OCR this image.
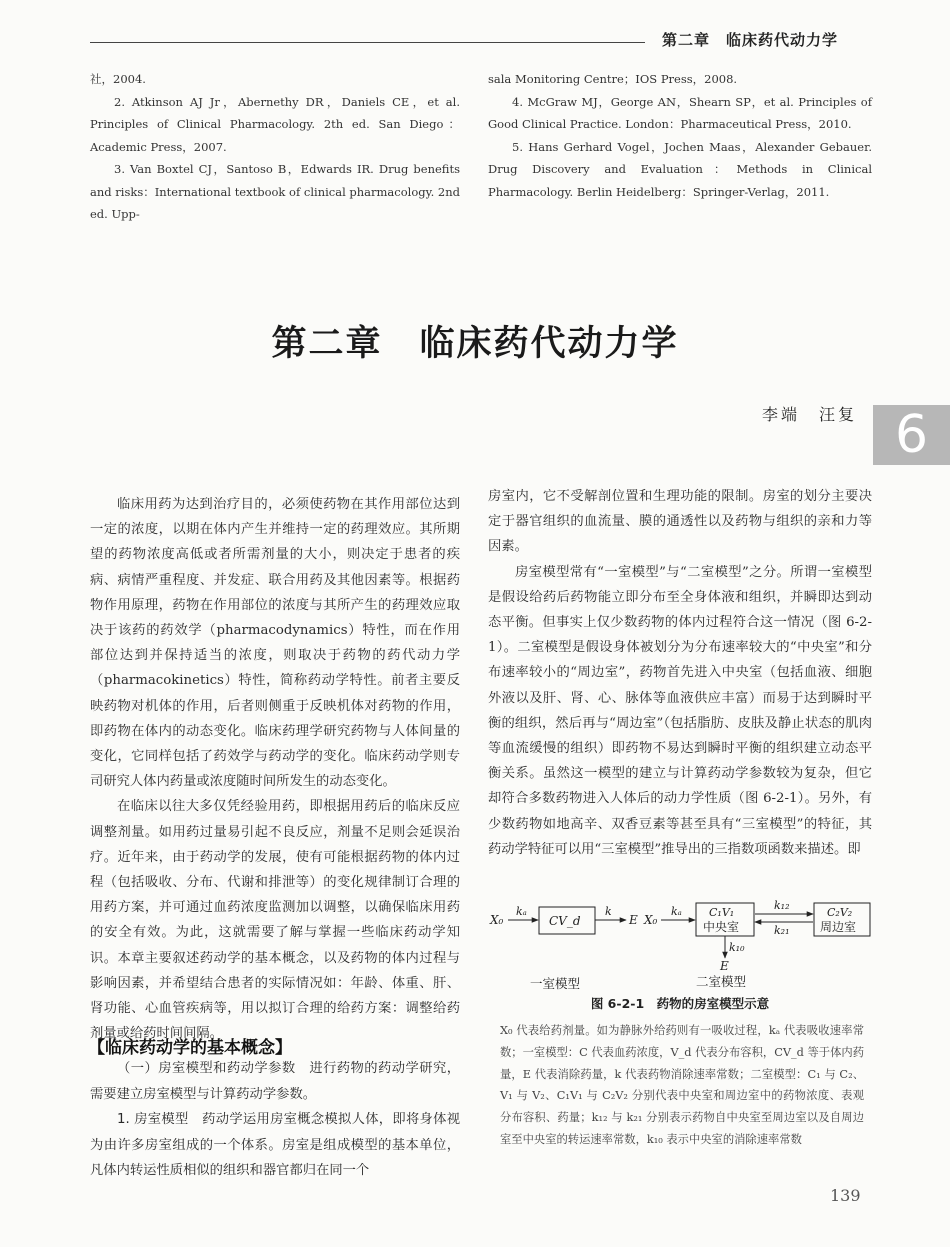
第二章　临床药代动力学

社，2004.

2. Atkinson AJ Jr，Abernethy DR，Daniels CE，et al. Principles of Clinical Pharmacology. 2th ed. San Diego：Academic Press，2007.

3. Van Boxtel CJ，Santoso B，Edwards IR. Drug benefits and risks：International textbook of clinical pharmacology. 2nd ed. Upp-

sala Monitoring Centre；IOS Press，2008.

4. McGraw MJ，George AN，Shearn SP，et al. Principles of Good Clinical Practice. London：Pharmaceutical Press，2010.

5. Hans Gerhard Vogel，Jochen Maas，Alexander Gebauer. Drug Discovery and Evaluation：Methods in Clinical Pharmacology. Berlin Heidelberg：Springer-Verlag，2011.

第二章　临床药代动力学
李端　汪复 6

临床用药为达到治疗目的，必须使药物在其作用部位达到一定的浓度，以期在体内产生并维持一定的药理效应。其所期望的药物浓度高低或者所需剂量的大小，则决定于患者的疾病、病情严重程度、并发症、联合用药及其他因素等。根据药物作用原理，药物在作用部位的浓度与其所产生的药理效应取决于该药的药效学（pharmacodynamics）特性，而在作用部位达到并保持适当的浓度，则取决于药物的药代动力学（pharmacokinetics）特性，简称药动学特性。前者主要反映药物对机体的作用，后者则侧重于反映机体对药物的作用，即药物在体内的动态变化。临床药理学研究药物与人体间量的变化，它同样包括了药效学与药动学的变化。临床药动学则专司研究人体内药量或浓度随时间所发生的动态变化。

在临床以往大多仅凭经验用药，即根据用药后的临床反应调整剂量。如用药过量易引起不良反应，剂量不足则会延误治疗。近年来，由于药动学的发展，使有可能根据药物的体内过程（包括吸收、分布、代谢和排泄等）的变化规律制订合理的用药方案，并可通过血药浓度监测加以调整，以确保临床用药的安全有效。为此，这就需要了解与掌握一些临床药动学知识。本章主要叙述药动学的基本概念，以及药物的体内过程与影响因素，并希望结合患者的实际情况如：年龄、体重、肝、肾功能、心血管疾病等，用以拟订合理的给药方案：调整给药剂量或给药时间间隔。

【临床药动学的基本概念】

（一）房室模型和药动学参数　进行药物的药动学研究，需要建立房室模型与计算药动学参数。

1. 房室模型　药动学运用房室概念模拟人体，即将身体视为由许多房室组成的一个体系。房室是组成模型的基本单位，凡体内转运性质相似的组织和器官都归在同一个

房室内，它不受解剖位置和生理功能的限制。房室的划分主要决定于器官组织的血流量、膜的通透性以及药物与组织的亲和力等因素。

房室模型常有“一室模型”与“二室模型”之分。所谓一室模型是假设给药后药物能立即分布至全身体液和组织，并瞬即达到动态平衡。但事实上仅少数药物的体内过程符合这一情况（图 6-2-1）。二室模型是假设身体被划分为分布速率较大的“中央室”和分布速率较小的“周边室”，药物首先进入中央室（包括血液、细胞外液以及肝、肾、心、脉体等血液供应丰富）而易于达到瞬时平衡的组织，然后再与“周边室”（包括脂肪、皮肤及静止状态的肌肉等血流缓慢的组织）即药物不易达到瞬时平衡的组织建立动态平衡关系。虽然这一模型的建立与计算药动学参数较为复杂，但它却符合多数药物进入人体后的动力学性质（图 6-2-1）。另外，有少数药物如地高辛、双香豆素等甚至具有“三室模型”的特征，其药动学特征可以用“三室模型”推导出的三指数项函数来描述。即

X₀
kₐ
CV_d
k
E X₀
kₐ C₁V₁
中央室
k₁₂
k₂₁
C₂V₂
周边室
k₁₀
E
一室模型	二室模型
图 6-2-1　药物的房室模型示意
X₀ 代表给药剂量。如为静脉外给药则有一吸收过程，kₐ 代表吸收速率常数；一室模型：C 代表血药浓度，V_d 代表分布容积，CV_d 等于体内药量，E 代表消除药量，k 代表药物消除速率常数；二室模型：C₁ 与 C₂、V₁ 与 V₂、C₁V₁ 与 C₂V₂ 分别代表中央室和周边室中的药物浓度、表观分布容积、药量；k₁₂ 与 k₂₁ 分别表示药物自中央室至周边室以及自周边室至中央室的转运速率常数，k₁₀ 表示中央室的消除速率常数
139
